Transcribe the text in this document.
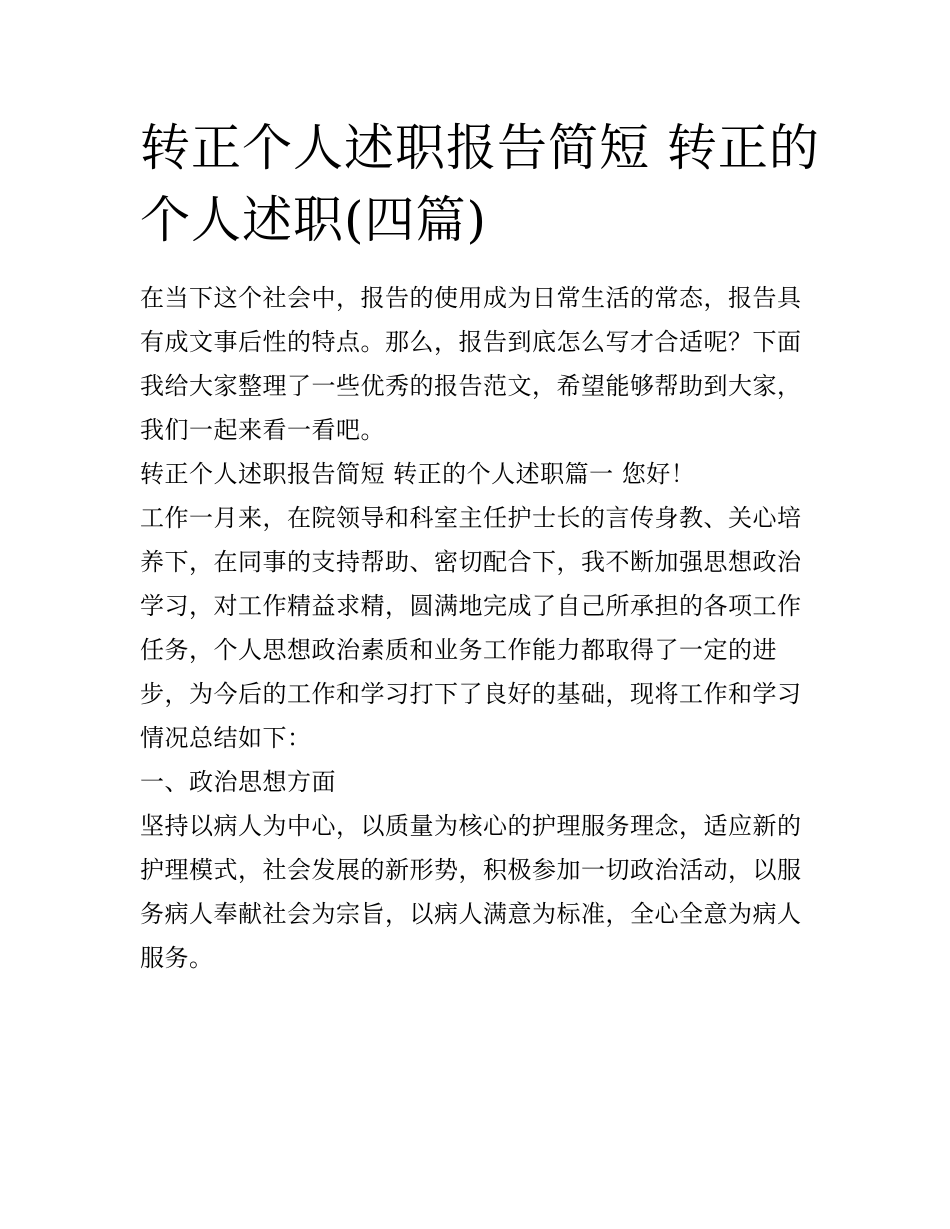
转正个人述职报告简短 转正的个人述职(四篇)

在当下这个社会中，报告的使用成为日常生活的常态，报告具有成文事后性的特点。那么，报告到底怎么写才合适呢？下面我给大家整理了一些优秀的报告范文，希望能够帮助到大家，我们一起来看一看吧。

转正个人述职报告简短 转正的个人述职篇一 您好！

工作一月来，在院领导和科室主任护士长的言传身教、关心培养下，在同事的支持帮助、密切配合下，我不断加强思想政治学习，对工作精益求精，圆满地完成了自己所承担的各项工作任务，个人思想政治素质和业务工作能力都取得了一定的进步，为今后的工作和学习打下了良好的基础，现将工作和学习情况总结如下：

一、政治思想方面

坚持以病人为中心，以质量为核心的护理服务理念，适应新的护理模式，社会发展的新形势，积极参加一切政治活动，以服务病人奉献社会为宗旨，以病人满意为标准，全心全意为病人服务。
